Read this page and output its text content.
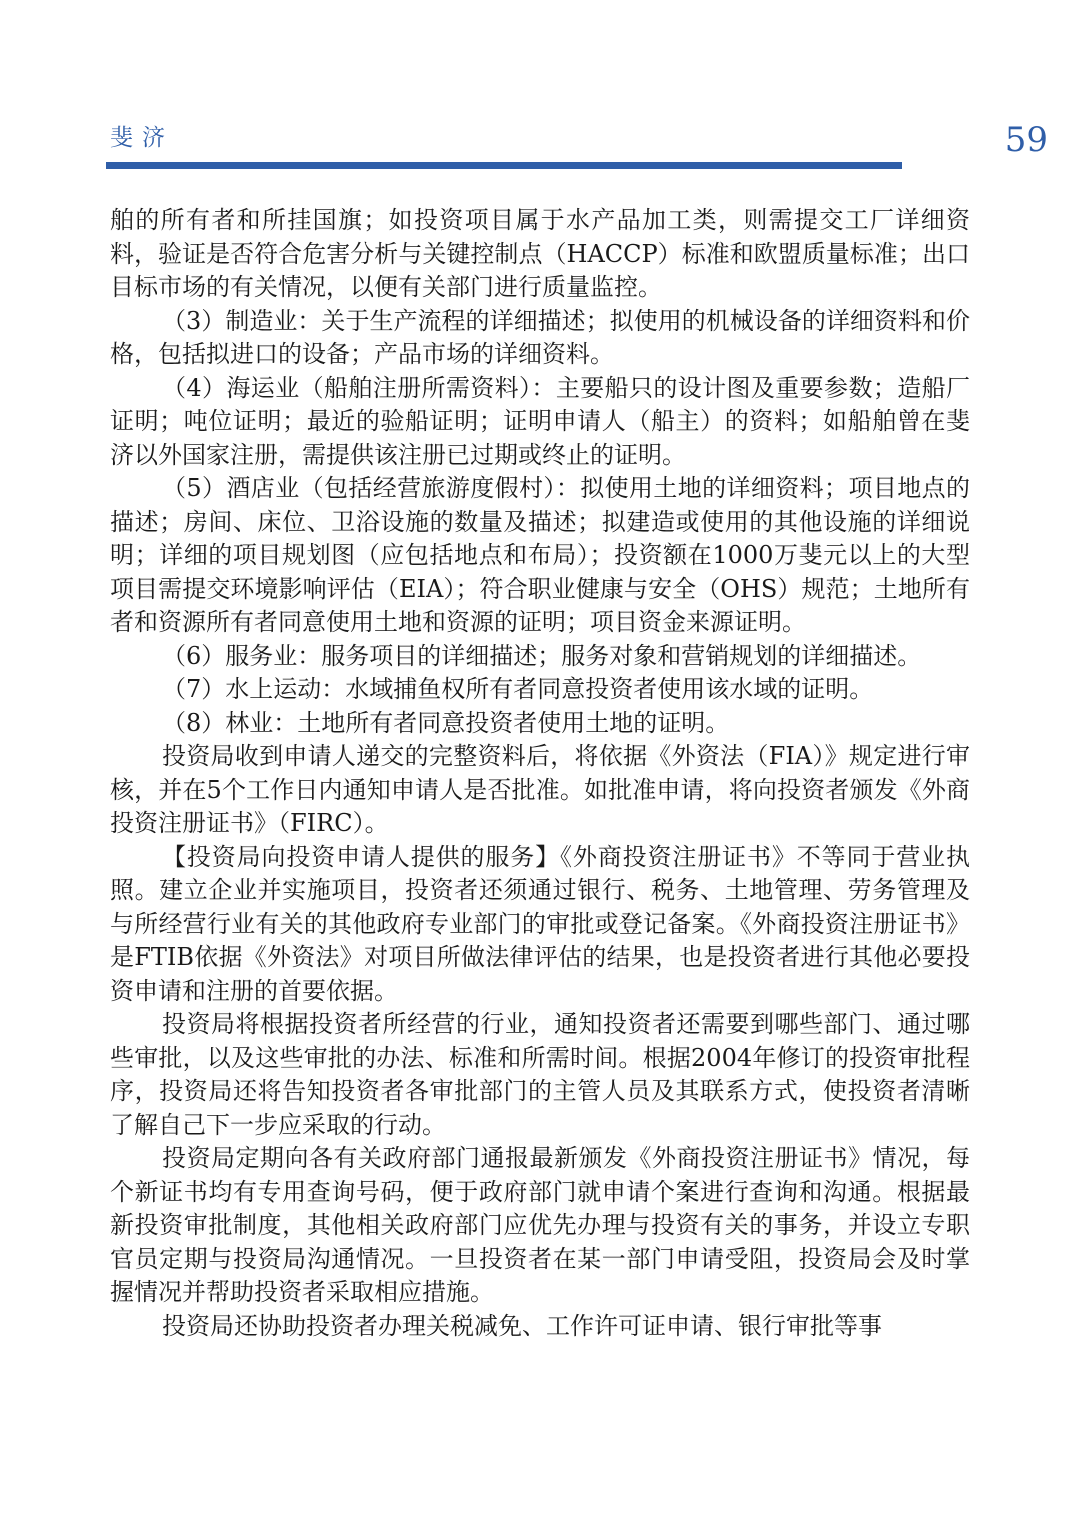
斐济	59

舶的所有者和所挂国旗；如投资项目属于水产品加工类，则需提交工厂详细资料，验证是否符合危害分析与关键控制点（HACCP）标准和欧盟质量标准；出口目标市场的有关情况，以便有关部门进行质量监控。

（3）制造业：关于生产流程的详细描述；拟使用的机械设备的详细资料和价格，包括拟进口的设备；产品市场的详细资料。

（4）海运业（船舶注册所需资料）：主要船只的设计图及重要参数；造船厂证明；吨位证明；最近的验船证明；证明申请人（船主）的资料；如船舶曾在斐济以外国家注册，需提供该注册已过期或终止的证明。

（5）酒店业（包括经营旅游度假村）：拟使用土地的详细资料；项目地点的描述；房间、床位、卫浴设施的数量及描述；拟建造或使用的其他设施的详细说明；详细的项目规划图（应包括地点和布局）；投资额在1000万斐元以上的大型项目需提交环境影响评估（EIA）；符合职业健康与安全（OHS）规范；土地所有者和资源所有者同意使用土地和资源的证明；项目资金来源证明。

（6）服务业：服务项目的详细描述；服务对象和营销规划的详细描述。

（7）水上运动：水域捕鱼权所有者同意投资者使用该水域的证明。

（8）林业：土地所有者同意投资者使用土地的证明。

投资局收到申请人递交的完整资料后，将依据《外资法（FIA）》规定进行审核，并在5个工作日内通知申请人是否批准。如批准申请，将向投资者颁发《外商投资注册证书》（FIRC）。

【投资局向投资申请人提供的服务】《外商投资注册证书》不等同于营业执照。建立企业并实施项目，投资者还须通过银行、税务、土地管理、劳务管理及与所经营行业有关的其他政府专业部门的审批或登记备案。《外商投资注册证书》是FTIB依据《外资法》对项目所做法律评估的结果，也是投资者进行其他必要投资申请和注册的首要依据。

投资局将根据投资者所经营的行业，通知投资者还需要到哪些部门、通过哪些审批，以及这些审批的办法、标准和所需时间。根据2004年修订的投资审批程序，投资局还将告知投资者各审批部门的主管人员及其联系方式，使投资者清晰了解自己下一步应采取的行动。

投资局定期向各有关政府部门通报最新颁发《外商投资注册证书》情况，每个新证书均有专用查询号码，便于政府部门就申请个案进行查询和沟通。根据最新投资审批制度，其他相关政府部门应优先办理与投资有关的事务，并设立专职官员定期与投资局沟通情况。一旦投资者在某一部门申请受阻，投资局会及时掌握情况并帮助投资者采取相应措施。

投资局还协助投资者办理关税减免、工作许可证申请、银行审批等事
